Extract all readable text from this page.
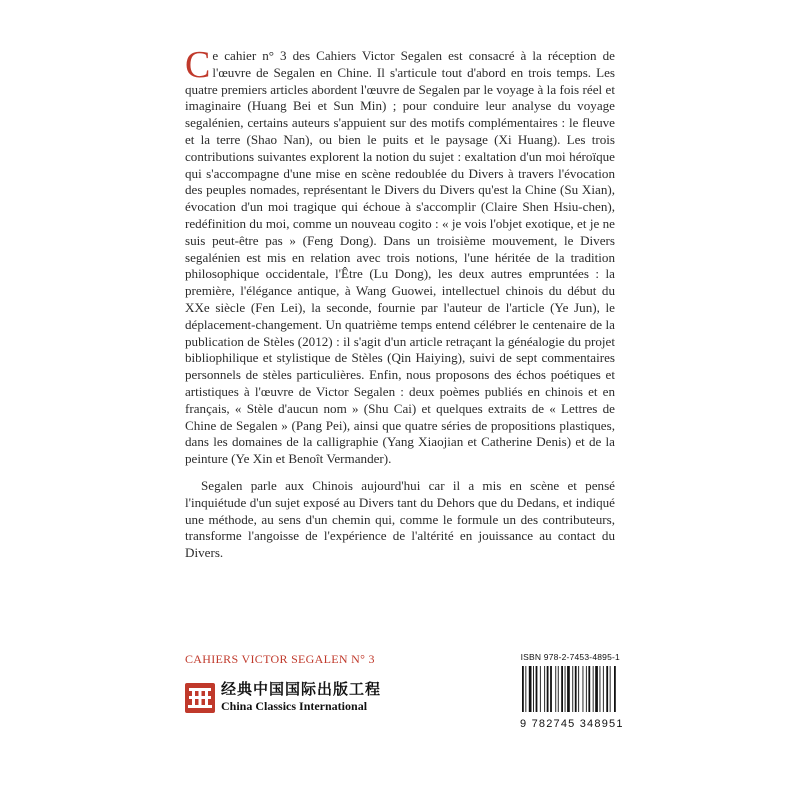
Ce cahier n° 3 des Cahiers Victor Segalen est consacré à la réception de l'œuvre de Segalen en Chine. Il s'articule tout d'abord en trois temps. Les quatre premiers articles abordent l'œuvre de Segalen par le voyage à la fois réel et imaginaire (Huang Bei et Sun Min) ; pour conduire leur analyse du voyage segalénien, certains auteurs s'appuient sur des motifs complémentaires : le fleuve et la terre (Shao Nan), ou bien le puits et le paysage (Xi Huang). Les trois contributions suivantes explorent la notion du sujet : exaltation d'un moi héroïque qui s'accompagne d'une mise en scène redoublée du Divers à travers l'évocation des peuples nomades, représentant le Divers du Divers qu'est la Chine (Su Xian), évocation d'un moi tragique qui échoue à s'accomplir (Claire Shen Hsiu-chen), redéfinition du moi, comme un nouveau cogito : « je vois l'objet exotique, et je ne suis peut-être pas » (Feng Dong). Dans un troisième mouvement, le Divers segalénien est mis en relation avec trois notions, l'une héritée de la tradition philosophique occidentale, l'Être (Lu Dong), les deux autres empruntées : la première, l'élégance antique, à Wang Guowei, intellectuel chinois du début du XXe siècle (Fen Lei), la seconde, fournie par l'auteur de l'article (Ye Jun), le déplacement-changement. Un quatrième temps entend célébrer le centenaire de la publication de Stèles (2012) : il s'agit d'un article retraçant la généalogie du projet bibliophilique et stylistique de Stèles (Qin Haiying), suivi de sept commentaires personnels de stèles particulières. Enfin, nous proposons des échos poétiques et artistiques à l'œuvre de Victor Segalen : deux poèmes publiés en chinois et en français, « Stèle d'aucun nom » (Shu Cai) et quelques extraits de « Lettres de Chine de Segalen » (Pang Pei), ainsi que quatre séries de propositions plastiques, dans les domaines de la calligraphie (Yang Xiaojian et Catherine Denis) et de la peinture (Ye Xin et Benoît Vermander).

Segalen parle aux Chinois aujourd'hui car il a mis en scène et pensé l'inquiétude d'un sujet exposé au Divers tant du Dehors que du Dedans, et indiqué une méthode, au sens d'un chemin qui, comme le formule un des contributeurs, transforme l'angoisse de l'expérience de l'altérité en jouissance au contact du Divers.

CAHIERS VICTOR SEGALEN N° 3
经典中国国际出版工程
China Classics International
ISBN 978-2-7453-4895-1
9 782745 348951
